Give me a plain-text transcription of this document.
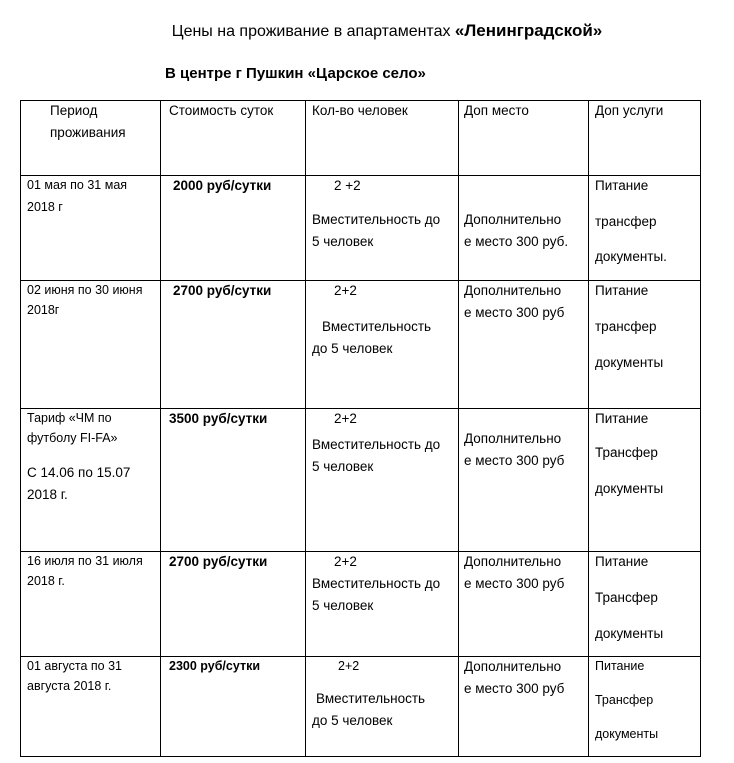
Цены на проживание в апартаментах «Ленинградской»
В центре г Пушкин «Царское село»
Период
проживания	Стоимость суток	Кол-во человек	Доп место	Доп услуги

01 мая по 31 мая
2018 г	2000 руб/сутки	2 +2
Вместительность до
5 человек	Дополнительно
е место 300 руб.	Питание
трансфер
документы.

02 июня по 30 июня
2018г	2700 руб/сутки	2+2
Вместительность
до 5 человек	Дополнительно
е место 300 руб	Питание
трансфер
документы

Тариф «ЧМ по
футболу FI-FA»
С 14.06 по 15.07
2018 г.	3500 руб/сутки	2+2
Вместительность до
5 человек	Дополнительно
е место 300 руб	Питание
Трансфер
документы

16 июля по 31 июля
2018 г.	2700 руб/сутки	2+2
Вместительность до
5 человек	Дополнительно
е место 300 руб	Питание
Трансфер
документы

01 августа по 31
августа 2018 г.	2300 руб/сутки	2+2
Вместительность
до 5 человек	Дополнительно
е место 300 руб	Питание
Трансфер
документы
